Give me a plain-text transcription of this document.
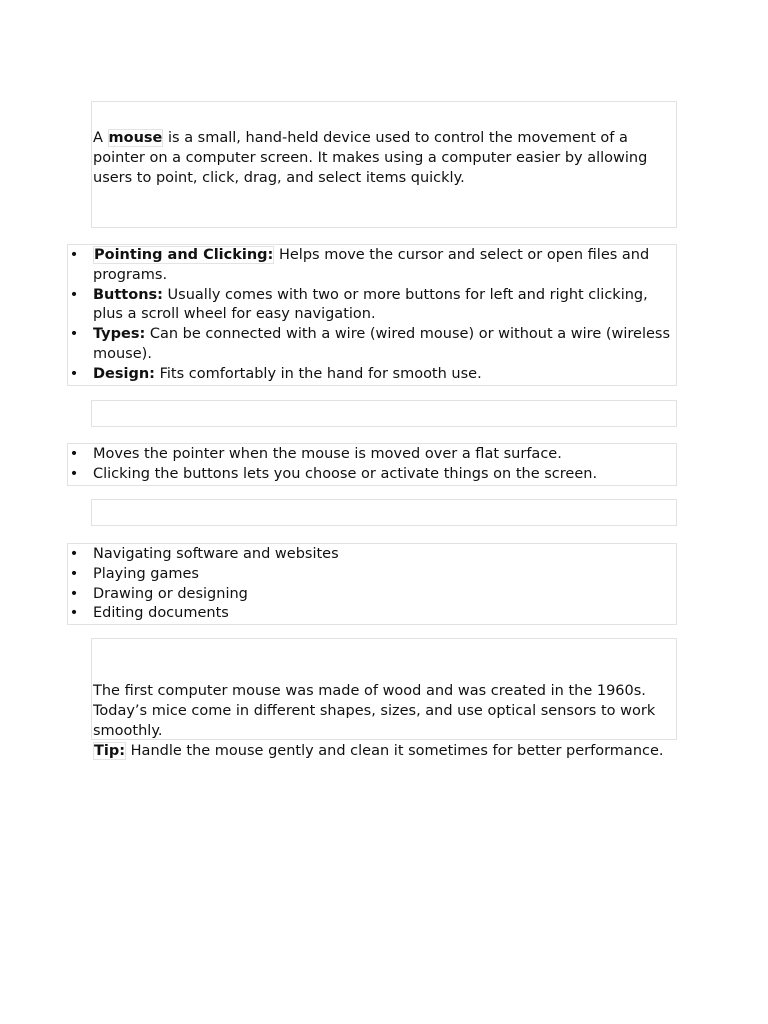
A mouse is a small, hand-held device used to control the movement of a pointer on a computer screen. It makes using a computer easier by allowing users to point, click, drag, and select items quickly.

• Pointing and Clicking: Helps move the cursor and select or open files and programs.
• Buttons: Usually comes with two or more buttons for left and right clicking, plus a scroll wheel for easy navigation.
• Types: Can be connected with a wire (wired mouse) or without a wire (wireless mouse).
• Design: Fits comfortably in the hand for smooth use.
• Moves the pointer when the mouse is moved over a flat surface.
• Clicking the buttons lets you choose or activate things on the screen.
• Navigating software and websites
• Playing games
• Drawing or designing
• Editing documents

The first computer mouse was made of wood and was created in the 1960s. Today’s mice come in different shapes, sizes, and use optical sensors to work smoothly.

Tip: Handle the mouse gently and clean it sometimes for better performance.
